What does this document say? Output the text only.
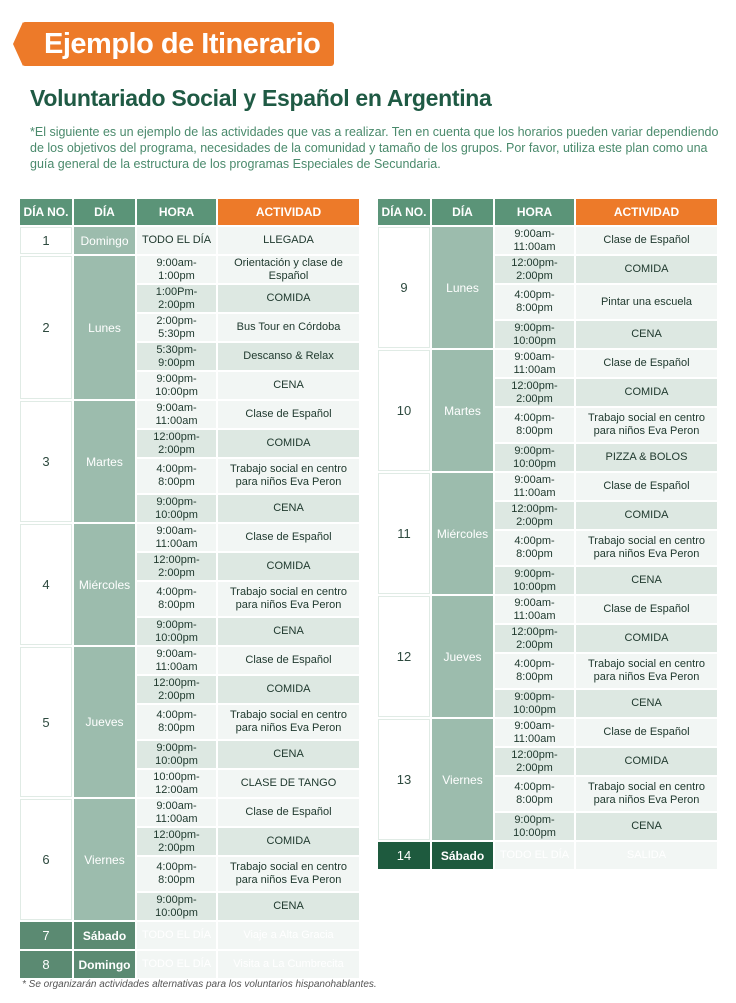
Ejemplo de Itinerario
Voluntariado Social y Español en Argentina
*El siguiente es un ejemplo de las actividades que vas a realizar. Ten en cuenta que los horarios pueden variar dependiendo de los objetivos del programa, necesidades de la comunidad y tamaño de los grupos. Por favor, utiliza este plan como una guía general de la estructura de los programas Especiales de Secundaria.
DÍA NO.	DÍA	HORA	ACTIVIDAD
1	Domingo	TODO EL DÍA	LLEGADA
2	Lunes	9:00am-1:00pm	Orientación y clase de Español
		1:00Pm-2:00pm	COMIDA
		2:00pm-5:30pm	Bus Tour en Córdoba
		5:30pm-9:00pm	Descanso & Relax
		9:00pm-10:00pm	CENA
3	Martes	9:00am-11:00am	Clase de Español
		12:00pm-2:00pm	COMIDA
		4:00pm-8:00pm	Trabajo social en centro para niños Eva Peron
		9:00pm-10:00pm	CENA
4	Miércoles	9:00am-11:00am	Clase de Español
		12:00pm-2:00pm	COMIDA
		4:00pm-8:00pm	Trabajo social en centro para niños Eva Peron
		9:00pm-10:00pm	CENA
5	Jueves	9:00am-11:00am	Clase de Español
		12:00pm-2:00pm	COMIDA
		4:00pm-8:00pm	Trabajo social en centro para niños Eva Peron
		9:00pm-10:00pm	CENA
		10:00pm-12:00am	CLASE DE TANGO
6	Viernes	9:00am-11:00am	Clase de Español
		12:00pm-2:00pm	COMIDA
		4:00pm-8:00pm	Trabajo social en centro para niños Eva Peron
		9:00pm-10:00pm	CENA
7	Sábado	TODO EL DÍA	Viaje a Alta Gracia
8	Domingo	TODO EL DÍA	Visita a La Cumbrecita
DÍA NO.	DÍA	HORA	ACTIVIDAD
9	Lunes	9:00am-11:00am	Clase de Español
		12:00pm-2:00pm	COMIDA
		4:00pm-8:00pm	Pintar una escuela
		9:00pm-10:00pm	CENA
10	Martes	9:00am-11:00am	Clase de Español
		12:00pm-2:00pm	COMIDA
		4:00pm-8:00pm	Trabajo social en centro para niños Eva Peron
		9:00pm-10:00pm	PIZZA & BOLOS
11	Miércoles	9:00am-11:00am	Clase de Español
		12:00pm-2:00pm	COMIDA
		4:00pm-8:00pm	Trabajo social en centro para niños Eva Peron
		9:00pm-10:00pm	CENA
12	Jueves	9:00am-11:00am	Clase de Español
		12:00pm-2:00pm	COMIDA
		4:00pm-8:00pm	Trabajo social en centro para niños Eva Peron
		9:00pm-10:00pm	CENA
13	Viernes	9:00am-11:00am	Clase de Español
		12:00pm-2:00pm	COMIDA
		4:00pm-8:00pm	Trabajo social en centro para niños Eva Peron
		9:00pm-10:00pm	CENA
14	Sábado	TODO EL DÍA	SALIDA
* Se organizarán actividades alternativas para los voluntarios hispanohablantes.
